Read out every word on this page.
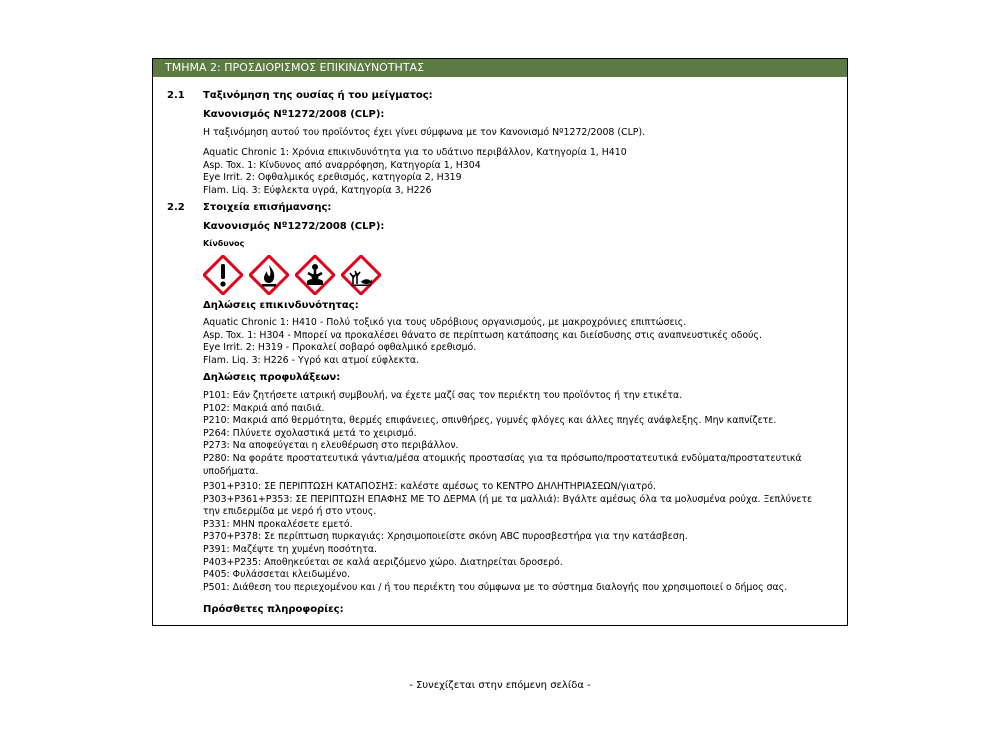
ΤΜΗΜΑ 2: ΠΡΟΣΔΙΟΡΙΣΜΟΣ ΕΠΙΚΙΝΔΥΝΟΤΗΤΑΣ
2.1 Ταξινόμηση της ουσίας ή του μείγματος:
Κανονισμός Nº1272/2008 (CLP):
Η ταξινόμηση αυτού του προϊόντος έχει γίνει σύμφωνα με τον Κανονισμό Nº1272/2008 (CLP).
Aquatic Chronic 1: Χρόνια επικινδυνότητα για το υδάτινο περιβάλλον, Κατηγορία 1, H410
Asp. Tox. 1: Κίνδυνος από αναρρόφηση, Κατηγορία 1, H304
Eye Irrit. 2: Οφθαλμικός ερεθισμός, κατηγορία 2, H319
Flam. Liq. 3: Εύφλεκτα υγρά, Κατηγορία 3, H226
2.2 Στοιχεία επισήμανσης:
Κανονισμός Nº1272/2008 (CLP):
Κίνδυνος
Δηλώσεις επικινδυνότητας:
Aquatic Chronic 1: H410 - Πολύ τοξικό για τους υδρόβιους οργανισμούς, με μακροχρόνιες επιπτώσεις.
Asp. Tox. 1: H304 - Μπορεί να προκαλέσει θάνατο σε περίπτωση κατάποσης και διείσδυσης στις αναπνευστικές οδούς.
Eye Irrit. 2: H319 - Προκαλεί σοβαρό οφθαλμικό ερεθισμό.
Flam. Liq. 3: H226 - Υγρό και ατμοί εύφλεκτα.
Δηλώσεις προφυλάξεων:
P101: Εάν ζητήσετε ιατρική συμβουλή, να έχετε μαζί σας τον περιέκτη του προϊόντος ή την ετικέτα.
P102: Μακριά από παιδιά.
P210: Μακριά από θερμότητα, θερμές επιφάνειες, σπινθήρες, γυμνές φλόγες και άλλες πηγές ανάφλεξης. Μην καπνίζετε.
P264: Πλύνετε σχολαστικά μετά το χειρισμό.
P273: Να αποφεύγεται η ελευθέρωση στο περιβάλλον.
P280: Να φοράτε προστατευτικά γάντια/μέσα ατομικής προστασίας για τα πρόσωπο/προστατευτικά ενδύματα/προστατευτικά
υποδήματα.
P301+P310: ΣΕ ΠΕΡΙΠΤΩΣΗ ΚΑΤΑΠΟΣΗΣ: καλέστε αμέσως το ΚΕΝΤΡΟ ΔΗΛΗΤΗΡΙΑΣΕΩΝ/γιατρό.
P303+P361+P353: ΣΕ ΠΕΡΙΠΤΩΣΗ ΕΠΑΦΗΣ ΜΕ ΤΟ ΔΕΡΜΑ (ή με τα μαλλιά): Βγάλτε αμέσως όλα τα μολυσμένα ρούχα. Ξεπλύνετε
την επιδερμίδα με νερό ή στο ντους.
P331: ΜΗΝ προκαλέσετε εμετό.
P370+P378: Σε περίπτωση πυρκαγιάς: Χρησιμοποιείστε σκόνη ABC πυροσβεστήρα για την κατάσβεση.
P391: Μαζέψτε τη χυμένη ποσότητα.
P403+P235: Αποθηκεύεται σε καλά αεριζόμενο χώρο. Διατηρείται δροσερό.
P405: Φυλάσσεται κλειδωμένο.
P501: Διάθεση του περιεχομένου και / ή του περιέκτη του σύμφωνα με το σύστημα διαλογής που χρησιμοποιεί ο δήμος σας.
Πρόσθετες πληροφορίες:
- Συνεχίζεται στην επόμενη σελίδα -
